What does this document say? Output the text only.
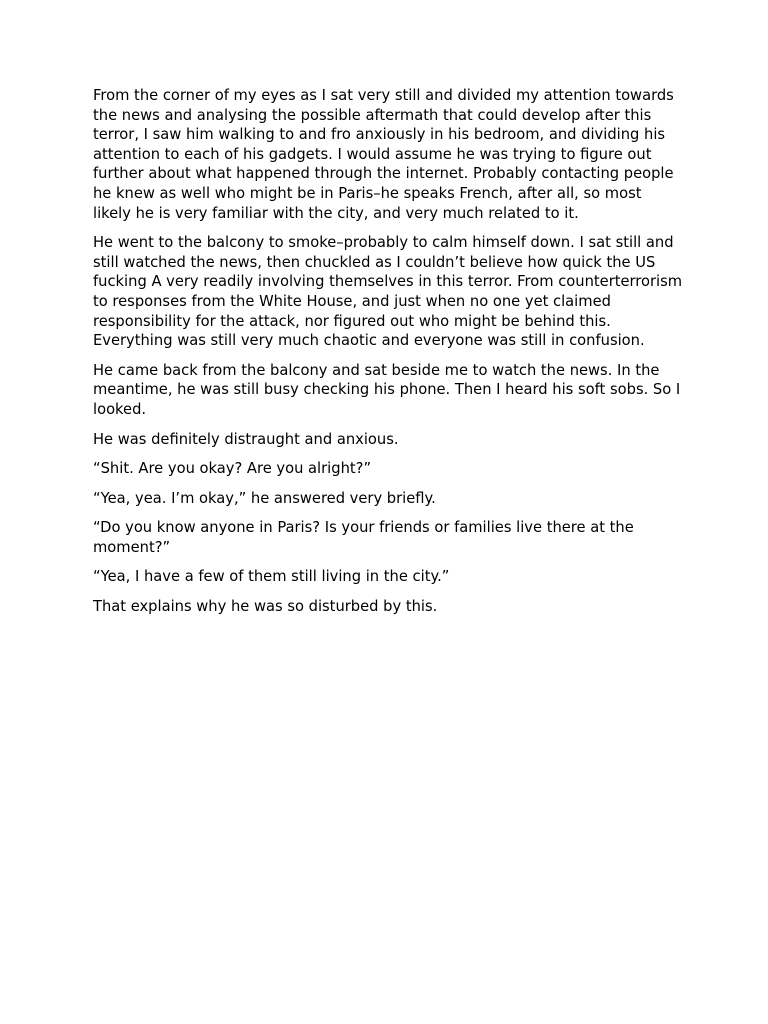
From the corner of my eyes as I sat very still and divided my attention towards the news and analysing the possible aftermath that could develop after this terror, I saw him walking to and fro anxiously in his bedroom, and dividing his attention to each of his gadgets. I would assume he was trying to figure out further about what happened through the internet. Probably contacting people he knew as well who might be in Paris–he speaks French, after all, so most likely he is very familiar with the city, and very much related to it.

He went to the balcony to smoke–probably to calm himself down. I sat still and still watched the news, then chuckled as I couldn’t believe how quick the US fucking A very readily involving themselves in this terror. From counterterrorism to responses from the White House, and just when no one yet claimed responsibility for the attack, nor figured out who might be behind this. Everything was still very much chaotic and everyone was still in confusion.

He came back from the balcony and sat beside me to watch the news. In the meantime, he was still busy checking his phone. Then I heard his soft sobs. So I looked.

He was definitely distraught and anxious.

“Shit. Are you okay? Are you alright?”

“Yea, yea. I’m okay,” he answered very briefly.

“Do you know anyone in Paris? Is your friends or families live there at the moment?”

“Yea, I have a few of them still living in the city.”

That explains why he was so disturbed by this.
